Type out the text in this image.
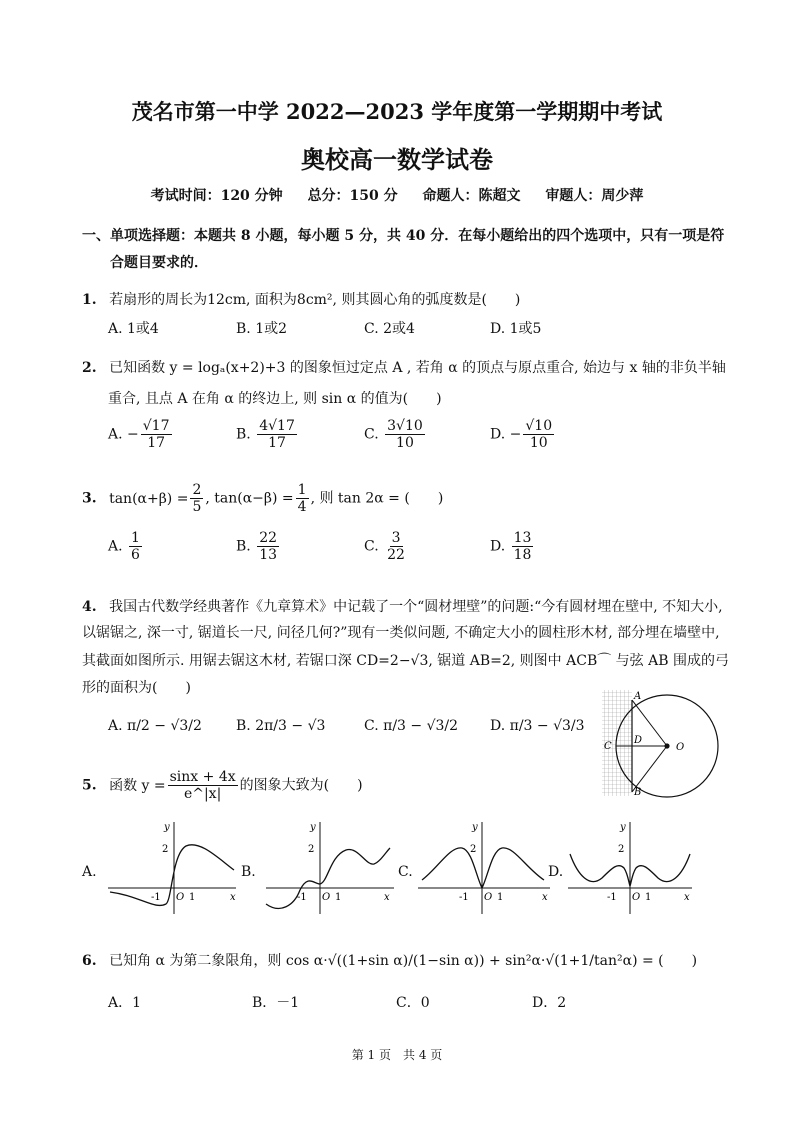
茂名市第一中学 2022—2023 学年度第一学期期中考试
奥校高一数学试卷
考试时间：120 分钟 总分：150 分 命题人：陈超文 审题人：周少萍
一、单项选择题：本题共 8 小题，每小题 5 分，共 40 分．在每小题给出的四个选项中，只有一项是符
合题目要求的．
1. 若扇形的周长为12cm, 面积为8cm², 则其圆心角的弧度数是(　　)
A. 1或4	B. 1或2	C. 2或4	D. 1或5
2. 已知函数 y = logₐ(x+2)+3 的图象恒过定点 A , 若角 α 的顶点与原点重合, 始边与 x 轴的非负半轴
重合, 且点 A 在角 α 的终边上, 则 sin α 的值为(　　)
A. − $\frac{√17}{17}$	B. $\frac{4√17}{17}$	C. $\frac{3√10}{10}$	D. − $\frac{√10}{10}$
3. $\tan(\alpha+\beta) = \frac{2}{5}$ , $\tan(\alpha-\beta) = \frac{1}{4}$ , 则 tan 2α = (　　)
A. $\frac{1}{6}$	B. $\frac{22}{13}$	C. $\frac{3}{22}$	D. $\frac{13}{18}$
4. 我国古代数学经典著作《九章算术》中记载了一个“圆材埋壁”的问题:“今有圆材埋在壁中, 不知大小,
以锯锯之, 深一寸, 锯道长一尺, 问径几何?”现有一类似问题, 不确定大小的圆柱形木材, 部分埋在墙壁中,
其截面如图所示. 用锯去锯这木材, 若锯口深 CD=2−√3, 锯道 AB=2, 则图中 ACB⌒ 与弦 AB 围成的弓
形的面积为(　　)
A. π/2 − √3/2 B. 2π/3 − √3	C. π/3 − √3/2 D. π/3 − √3/3
A
B
C
D
O
5. 函数 $y = \frac{\sin x + 4x}{e\^{}|x|}$ 的图象大致为(　　)
A.	B.	C.	D.
y
2
-1 O 1	x
y
2
-1 O 1	x
y
2
-1 O 1	x
y
2
-1 O 1	x
6. 已知角 α 为第二象限角，则 cos α·√((1+sin α)/(1−sin α)) + sin²α·√(1+1/tan²α) = (　　)
A．1	B．－1	C．0	D．2
第 1 页　共 4 页
